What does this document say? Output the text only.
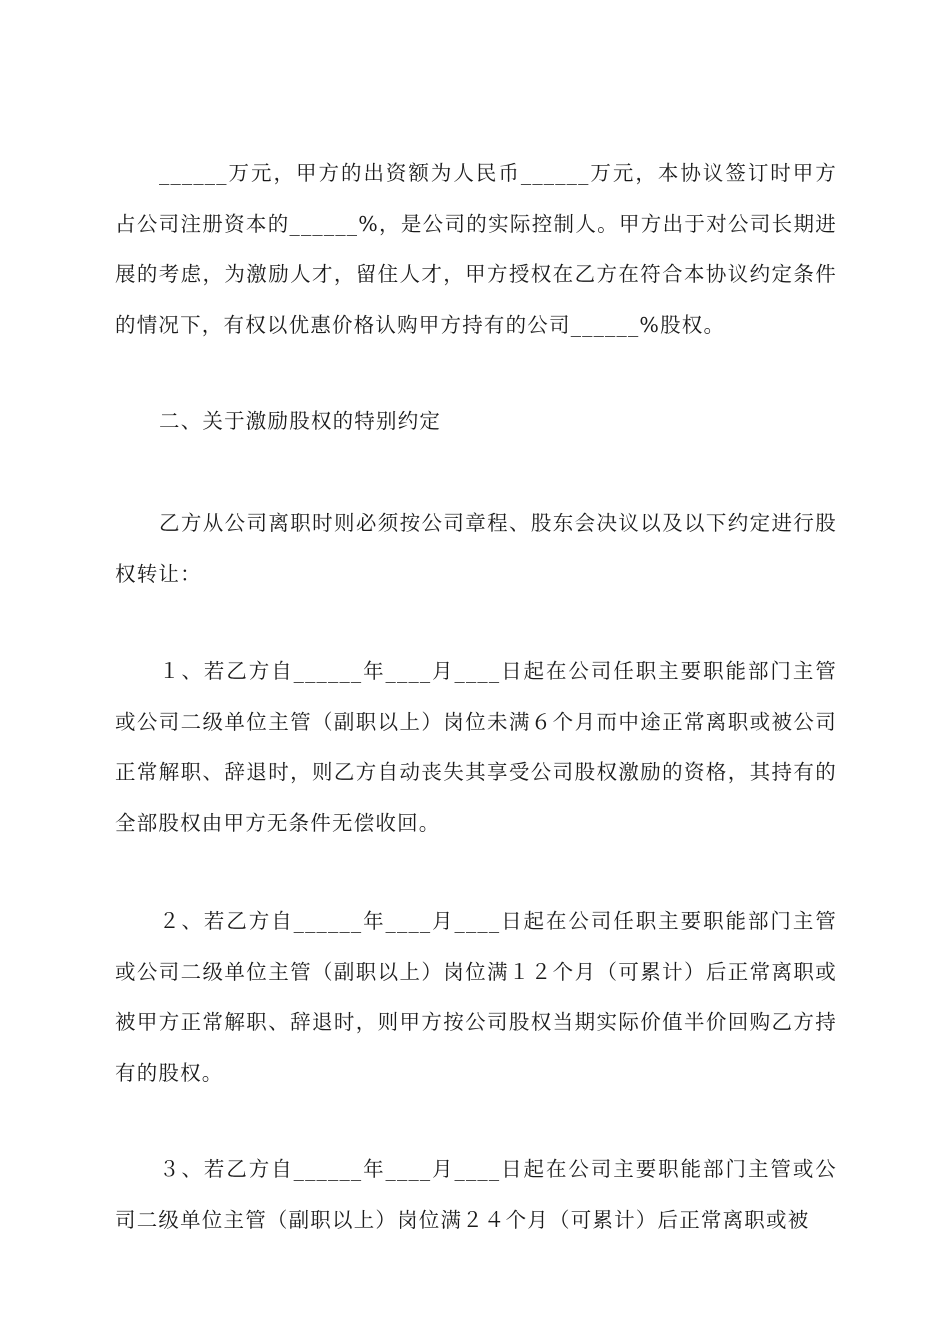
______万元，甲方的出资额为人民币______万元，本协议签订时甲方占公司注册资本的______%，是公司的实际控制人。甲方出于对公司长期进展的考虑，为激励人才，留住人才，甲方授权在乙方在符合本协议约定条件的情况下，有权以优惠价格认购甲方持有的公司______%股权。

二、关于激励股权的特别约定

乙方从公司离职时则必须按公司章程、股东会决议以及以下约定进行股权转让：

１、若乙方自______年____月____日起在公司任职主要职能部门主管或公司二级单位主管（副职以上）岗位未满６个月而中途正常离职或被公司正常解职、辞退时，则乙方自动丧失其享受公司股权激励的资格，其持有的全部股权由甲方无条件无偿收回。

２、若乙方自______年____月____日起在公司任职主要职能部门主管或公司二级单位主管（副职以上）岗位满１２个月（可累计）后正常离职或被甲方正常解职、辞退时，则甲方按公司股权当期实际价值半价回购乙方持有的股权。

３、若乙方自______年____月____日起在公司主要职能部门主管或公司二级单位主管（副职以上）岗位满２４个月（可累计）后正常离职或被
